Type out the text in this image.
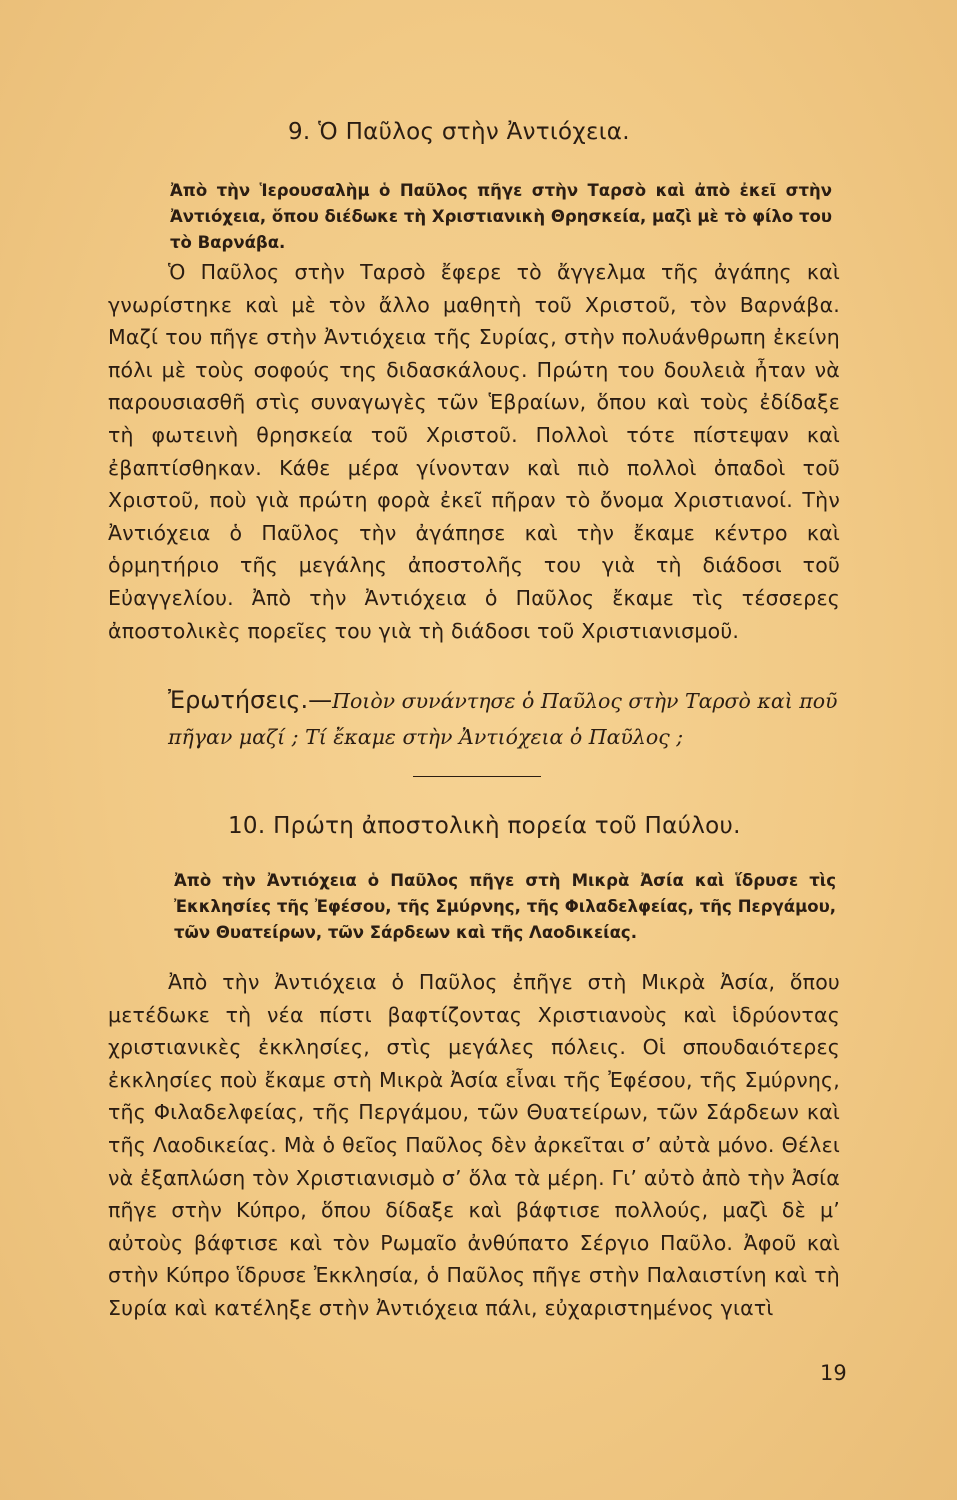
9. Ὁ Παῦλος στὴν Ἀντιόχεια.
Ἀπὸ τὴν Ἱερουσαλὴμ ὁ Παῦλος πῆγε στὴν Ταρσὸ καὶ ἀπὸ ἐκεῖ στὴν Ἀντιόχεια, ὅπου διέδωκε τὴ Χριστιανικὴ Θρησκεία, μαζὶ μὲ τὸ φίλο του τὸ Βαρνάβα.
Ὁ Παῦλος στὴν Ταρσὸ ἔφερε τὸ ἄγγελμα τῆς ἀγάπης καὶ γνωρίστηκε καὶ μὲ τὸν ἄλλο μαθητὴ τοῦ Χριστοῦ, τὸν Βαρνάβα. Μαζί του πῆγε στὴν Ἀντιόχεια τῆς Συρίας, στὴν πολυάνθρωπη ἐκείνη πόλι μὲ τοὺς σοφούς της διδασκάλους. Πρώτη του δουλειὰ ἦταν νὰ παρουσιασθῆ στὶς συναγωγὲς τῶν Ἑβραίων, ὅπου καὶ τοὺς ἐδίδαξε τὴ φωτεινὴ θρησκεία τοῦ Χριστοῦ. Πολλοὶ τότε πίστεψαν καὶ ἐβαπτίσθηκαν. Κάθε μέρα γίνονταν καὶ πιὸ πολλοὶ ὀπαδοὶ τοῦ Χριστοῦ, ποὺ γιὰ πρώτη φορὰ ἐκεῖ πῆραν τὸ ὄνομα Χριστιανοί. Τὴν Ἀντιόχεια ὁ Παῦλος τὴν ἀγάπησε καὶ τὴν ἔκαμε κέντρο καὶ ὁρμητήριο τῆς μεγάλης ἀποστολῆς του γιὰ τὴ διάδοσι τοῦ Εὐαγγελίου. Ἀπὸ τὴν Ἀντιόχεια ὁ Παῦλος ἔκαμε τὶς τέσσερες ἀποστολικὲς πορεῖες του γιὰ τὴ διάδοσι τοῦ Χριστιανισμοῦ.
Ἐρωτήσεις.—Ποιὸν συνάντησε ὁ Παῦλος στὴν Ταρσὸ καὶ ποῦ πῆγαν μαζί ; Τί ἔκαμε στὴν Ἀντιόχεια ὁ Παῦλος ;
10. Πρώτη ἀποστολικὴ πορεία τοῦ Παύλου.
Ἀπὸ τὴν Ἀντιόχεια ὁ Παῦλος πῆγε στὴ Μικρὰ Ἀσία καὶ ἵδρυσε τὶς Ἐκκλησίες τῆς Ἐφέσου, τῆς Σμύρνης, τῆς Φιλαδελφείας, τῆς Περγάμου, τῶν Θυατείρων, τῶν Σάρδεων καὶ τῆς Λαοδικείας.
Ἀπὸ τὴν Ἀντιόχεια ὁ Παῦλος ἐπῆγε στὴ Μικρὰ Ἀσία, ὅπου μετέδωκε τὴ νέα πίστι βαφτίζοντας Χριστιανοὺς καὶ ἱδρύοντας χριστιανικὲς ἐκκλησίες, στὶς μεγάλες πόλεις. Οἱ σπουδαιότερες ἐκκλησίες ποὺ ἔκαμε στὴ Μικρὰ Ἀσία εἶναι τῆς Ἐφέσου, τῆς Σμύρνης, τῆς Φιλαδελφείας, τῆς Περγάμου, τῶν Θυατείρων, τῶν Σάρδεων καὶ τῆς Λαοδικείας. Μὰ ὁ θεῖος Παῦλος δὲν ἀρκεῖται σ’ αὐτὰ μόνο. Θέλει νὰ ἐξαπλώση τὸν Χριστιανισμὸ σ’ ὅλα τὰ μέρη. Γι’ αὐτὸ ἀπὸ τὴν Ἀσία πῆγε στὴν Κύπρο, ὅπου δίδαξε καὶ βάφτισε πολλούς, μαζὶ δὲ μ’ αὐτοὺς βάφτισε καὶ τὸν Ρωμαῖο ἀνθύπατο Σέργιο Παῦλο. Ἀφοῦ καὶ στὴν Κύπρο ἵδρυσε Ἐκκλησία, ὁ Παῦλος πῆγε στὴν Παλαιστίνη καὶ τὴ Συρία καὶ κατέληξε στὴν Ἀντιόχεια πάλι, εὐχαριστημένος γιατὶ
19
